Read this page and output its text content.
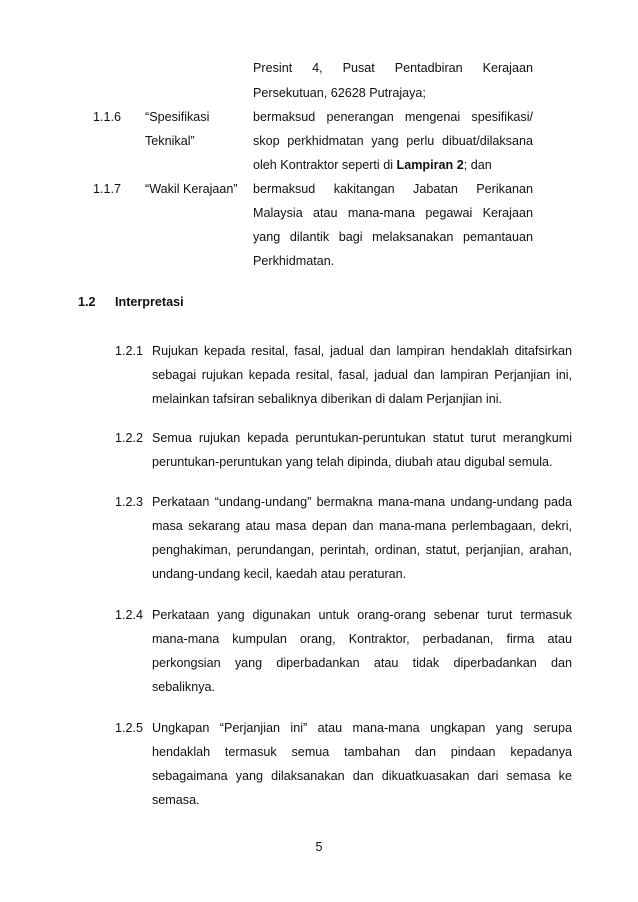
Presint 4, Pusat Pentadbiran Kerajaan
Persekutuan, 62628 Putrajaya;
1.1.6 “Spesifikasi
Teknikal”
bermaksud penerangan mengenai spesifikasi/
skop perkhidmatan yang perlu dibuat/dilaksana
oleh Kontraktor seperti di Lampiran 2; dan
1.1.7 “Wakil Kerajaan” bermaksud kakitangan Jabatan Perikanan
Malaysia atau mana-mana pegawai Kerajaan
yang dilantik bagi melaksanakan pemantauan
Perkhidmatan.
1.2 Interpretasi
1.2.1 Rujukan kepada resital, fasal, jadual dan lampiran hendaklah ditafsirkan
sebagai rujukan kepada resital, fasal, jadual dan lampiran Perjanjian ini,
melainkan tafsiran sebaliknya diberikan di dalam Perjanjian ini.
1.2.2 Semua rujukan kepada peruntukan-peruntukan statut turut merangkumi
peruntukan-peruntukan yang telah dipinda, diubah atau digubal semula.
1.2.3 Perkataan “undang-undang” bermakna mana-mana undang-undang pada
masa sekarang atau masa depan dan mana-mana perlembagaan, dekri,
penghakiman, perundangan, perintah, ordinan, statut, perjanjian, arahan,
undang-undang kecil, kaedah atau peraturan.
1.2.4 Perkataan yang digunakan untuk orang-orang sebenar turut termasuk
mana-mana kumpulan orang, Kontraktor, perbadanan, firma atau
perkongsian yang diperbadankan atau tidak diperbadankan dan
sebaliknya.
1.2.5 Ungkapan “Perjanjian ini” atau mana-mana ungkapan yang serupa
hendaklah termasuk semua tambahan dan pindaan kepadanya
sebagaimana yang dilaksanakan dan dikuatkuasakan dari semasa ke
semasa.
5
